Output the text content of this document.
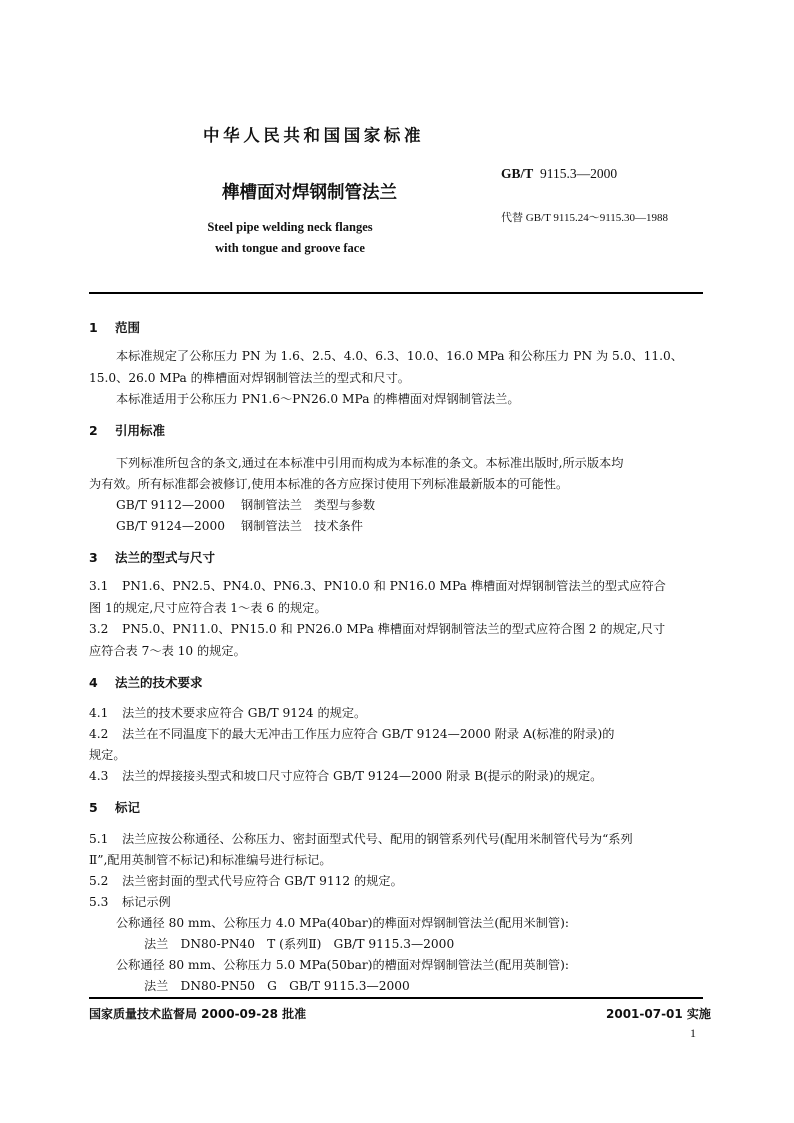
中华人民共和国国家标准
GB/T 9115.3—2000
榫槽面对焊钢制管法兰
代替 GB/T 9115.24～9115.30—1988
Steel pipe welding neck flanges
with tongue and groove face
1 范围
本标准规定了公称压力 PN 为 1.6、2.5、4.0、6.3、10.0、16.0 MPa 和公称压力 PN 为 5.0、11.0、
15.0、26.0 MPa 的榫槽面对焊钢制管法兰的型式和尺寸。
本标准适用于公称压力 PN1.6～PN26.0 MPa 的榫槽面对焊钢制管法兰。
2 引用标准
下列标准所包含的条文,通过在本标准中引用而构成为本标准的条文。本标准出版时,所示版本均
为有效。所有标准都会被修订,使用本标准的各方应探讨使用下列标准最新版本的可能性。
GB/T 9112—2000 钢制管法兰　类型与参数
GB/T 9124—2000 钢制管法兰　技术条件
3 法兰的型式与尺寸
3.1 PN1.6、PN2.5、PN4.0、PN6.3、PN10.0 和 PN16.0 MPa 榫槽面对焊钢制管法兰的型式应符合
图 1的规定,尺寸应符合表 1～表 6 的规定。
3.2 PN5.0、PN11.0、PN15.0 和 PN26.0 MPa 榫槽面对焊钢制管法兰的型式应符合图 2 的规定,尺寸
应符合表 7～表 10 的规定。
4 法兰的技术要求
4.1 法兰的技术要求应符合 GB/T 9124 的规定。
4.2 法兰在不同温度下的最大无冲击工作压力应符合 GB/T 9124—2000 附录 A(标准的附录)的
规定。
4.3 法兰的焊接接头型式和坡口尺寸应符合 GB/T 9124—2000 附录 B(提示的附录)的规定。
5 标记
5.1 法兰应按公称通径、公称压力、密封面型式代号、配用的钢管系列代号(配用米制管代号为“系列
Ⅱ”,配用英制管不标记)和标准编号进行标记。
5.2 法兰密封面的型式代号应符合 GB/T 9112 的规定。
5.3 标记示例
公称通径 80 mm、公称压力 4.0 MPa(40bar)的榫面对焊钢制管法兰(配用米制管):
法兰　DN80-PN40　T (系列Ⅱ)　GB/T 9115.3—2000
公称通径 80 mm、公称压力 5.0 MPa(50bar)的槽面对焊钢制管法兰(配用英制管):
法兰　DN80-PN50　G　GB/T 9115.3—2000
国家质量技术监督局 2000-09-28 批准	2001-07-01 实施
1
